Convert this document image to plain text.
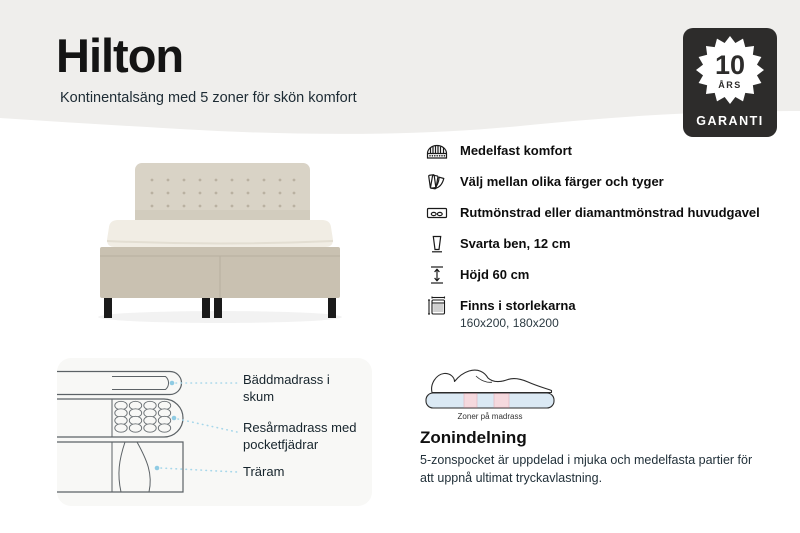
Hilton
Kontinentalsäng med 5 zoner för skön komfort
10
ÅRS
GARANTI
Medelfast komfort
Välj mellan olika färger och tyger
Rutmönstrad eller diamantmönstrad huvudgavel
Svarta ben, 12 cm
Höjd 60 cm
Finns i storlekarna
160x200, 180x200
Bäddmadrass i skum
Resårmadrass med pocketfjädrar
Träram
Zoner på madrass
Zonindelning
5-zonspocket är uppdelad i mjuka och medelfasta partier för att uppnå ultimat tryckavlastning.
